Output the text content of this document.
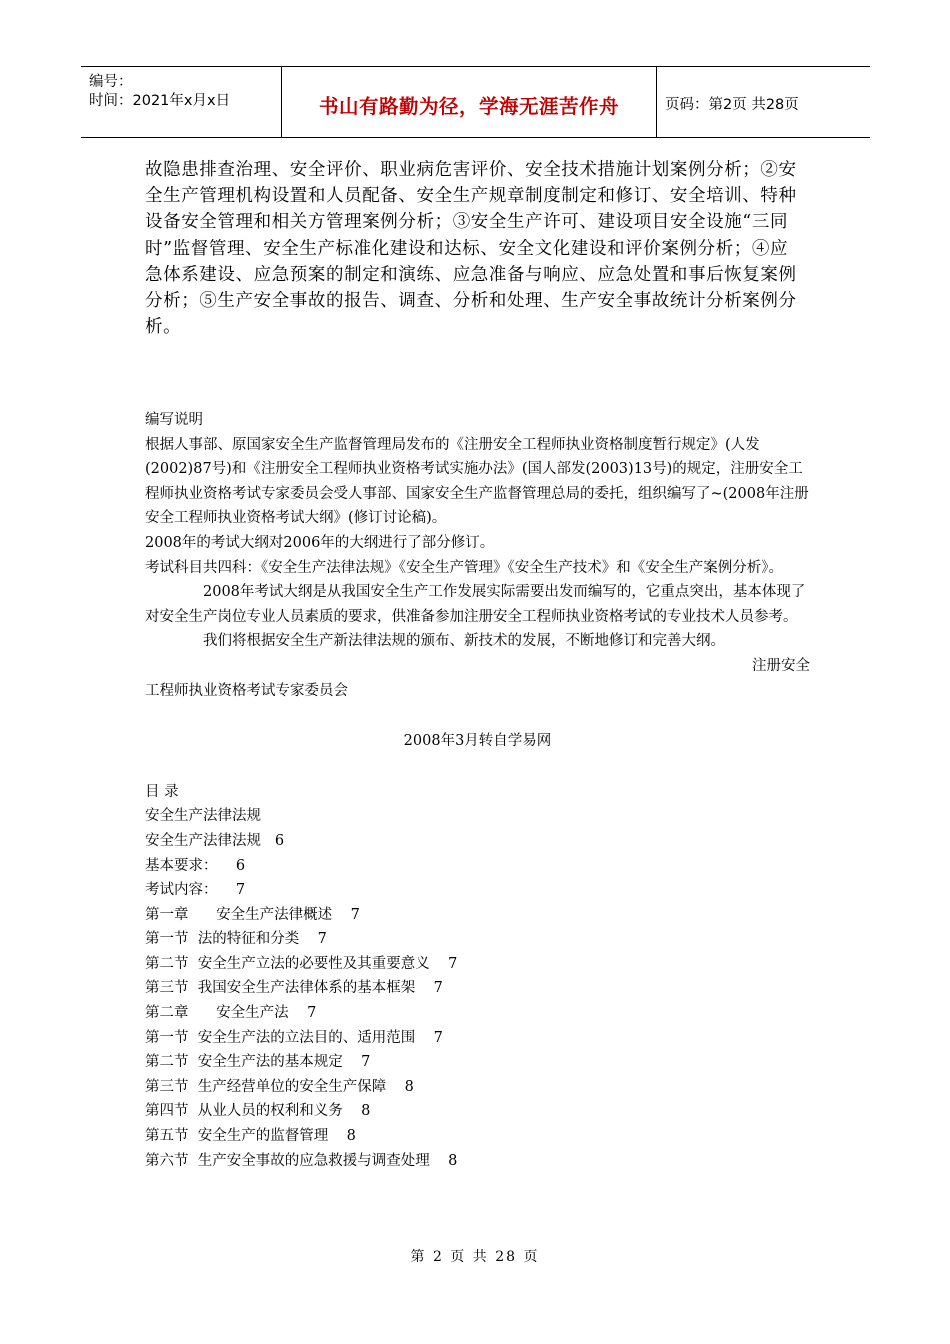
编号：
时间：2021年x月x日	书山有路勤为径，学海无涯苦作舟	页码：第2页 共28页

故隐患排查治理、安全评价、职业病危害评价、安全技术措施计划案例分析；②安全生产管理机构设置和人员配备、安全生产规章制度制定和修订、安全培训、特种设备安全管理和相关方管理案例分析；③安全生产许可、建设项目安全设施“三同时”监督管理、安全生产标准化建设和达标、安全文化建设和评价案例分析；④应急体系建设、应急预案的制定和演练、应急准备与响应、应急处置和事后恢复案例分析；⑤生产安全事故的报告、调查、分析和处理、生产安全事故统计分析案例分析。

编写说明

根据人事部、原国家安全生产监督管理局发布的《注册安全工程师执业资格制度暂行规定》(人发(2002)87号)和《注册安全工程师执业资格考试实施办法》(国人部发(2003)13号)的规定，注册安全工程师执业资格考试专家委员会受人事部、国家安全生产监督管理总局的委托，组织编写了~(2008年注册安全工程师执业资格考试大纲》(修订讨论稿)。

2008年的考试大纲对2006年的大纲进行了部分修订。

考试科目共四科：《安全生产法律法规》《安全生产管理》《安全生产技术》和《安全生产案例分析》。

2008年考试大纲是从我国安全生产工作发展实际需要出发而编写的，它重点突出，基本体现了对安全生产岗位专业人员素质的要求，供准备参加注册安全工程师执业资格考试的专业技术人员参考。

我们将根据安全生产新法律法规的颁布、新技术的发展，不断地修订和完善大纲。

注册安全

工程师执业资格考试专家委员会

2008年3月转自学易网

目 录

安全生产法律法规
安全生产法律法规   6
基本要求：    6
考试内容：    7
第一章      安全生产法律概述    7
第一节  法的特征和分类    7
第二节  安全生产立法的必要性及其重要意义    7
第三节  我国安全生产法律体系的基本框架    7
第二章      安全生产法    7
第一节  安全生产法的立法目的、适用范围    7
第二节  安全生产法的基本规定    7
第三节  生产经营单位的安全生产保障    8
第四节  从业人员的权利和义务    8
第五节  安全生产的监督管理    8
第六节  生产安全事故的应急救援与调查处理    8
第 2 页 共 28 页
